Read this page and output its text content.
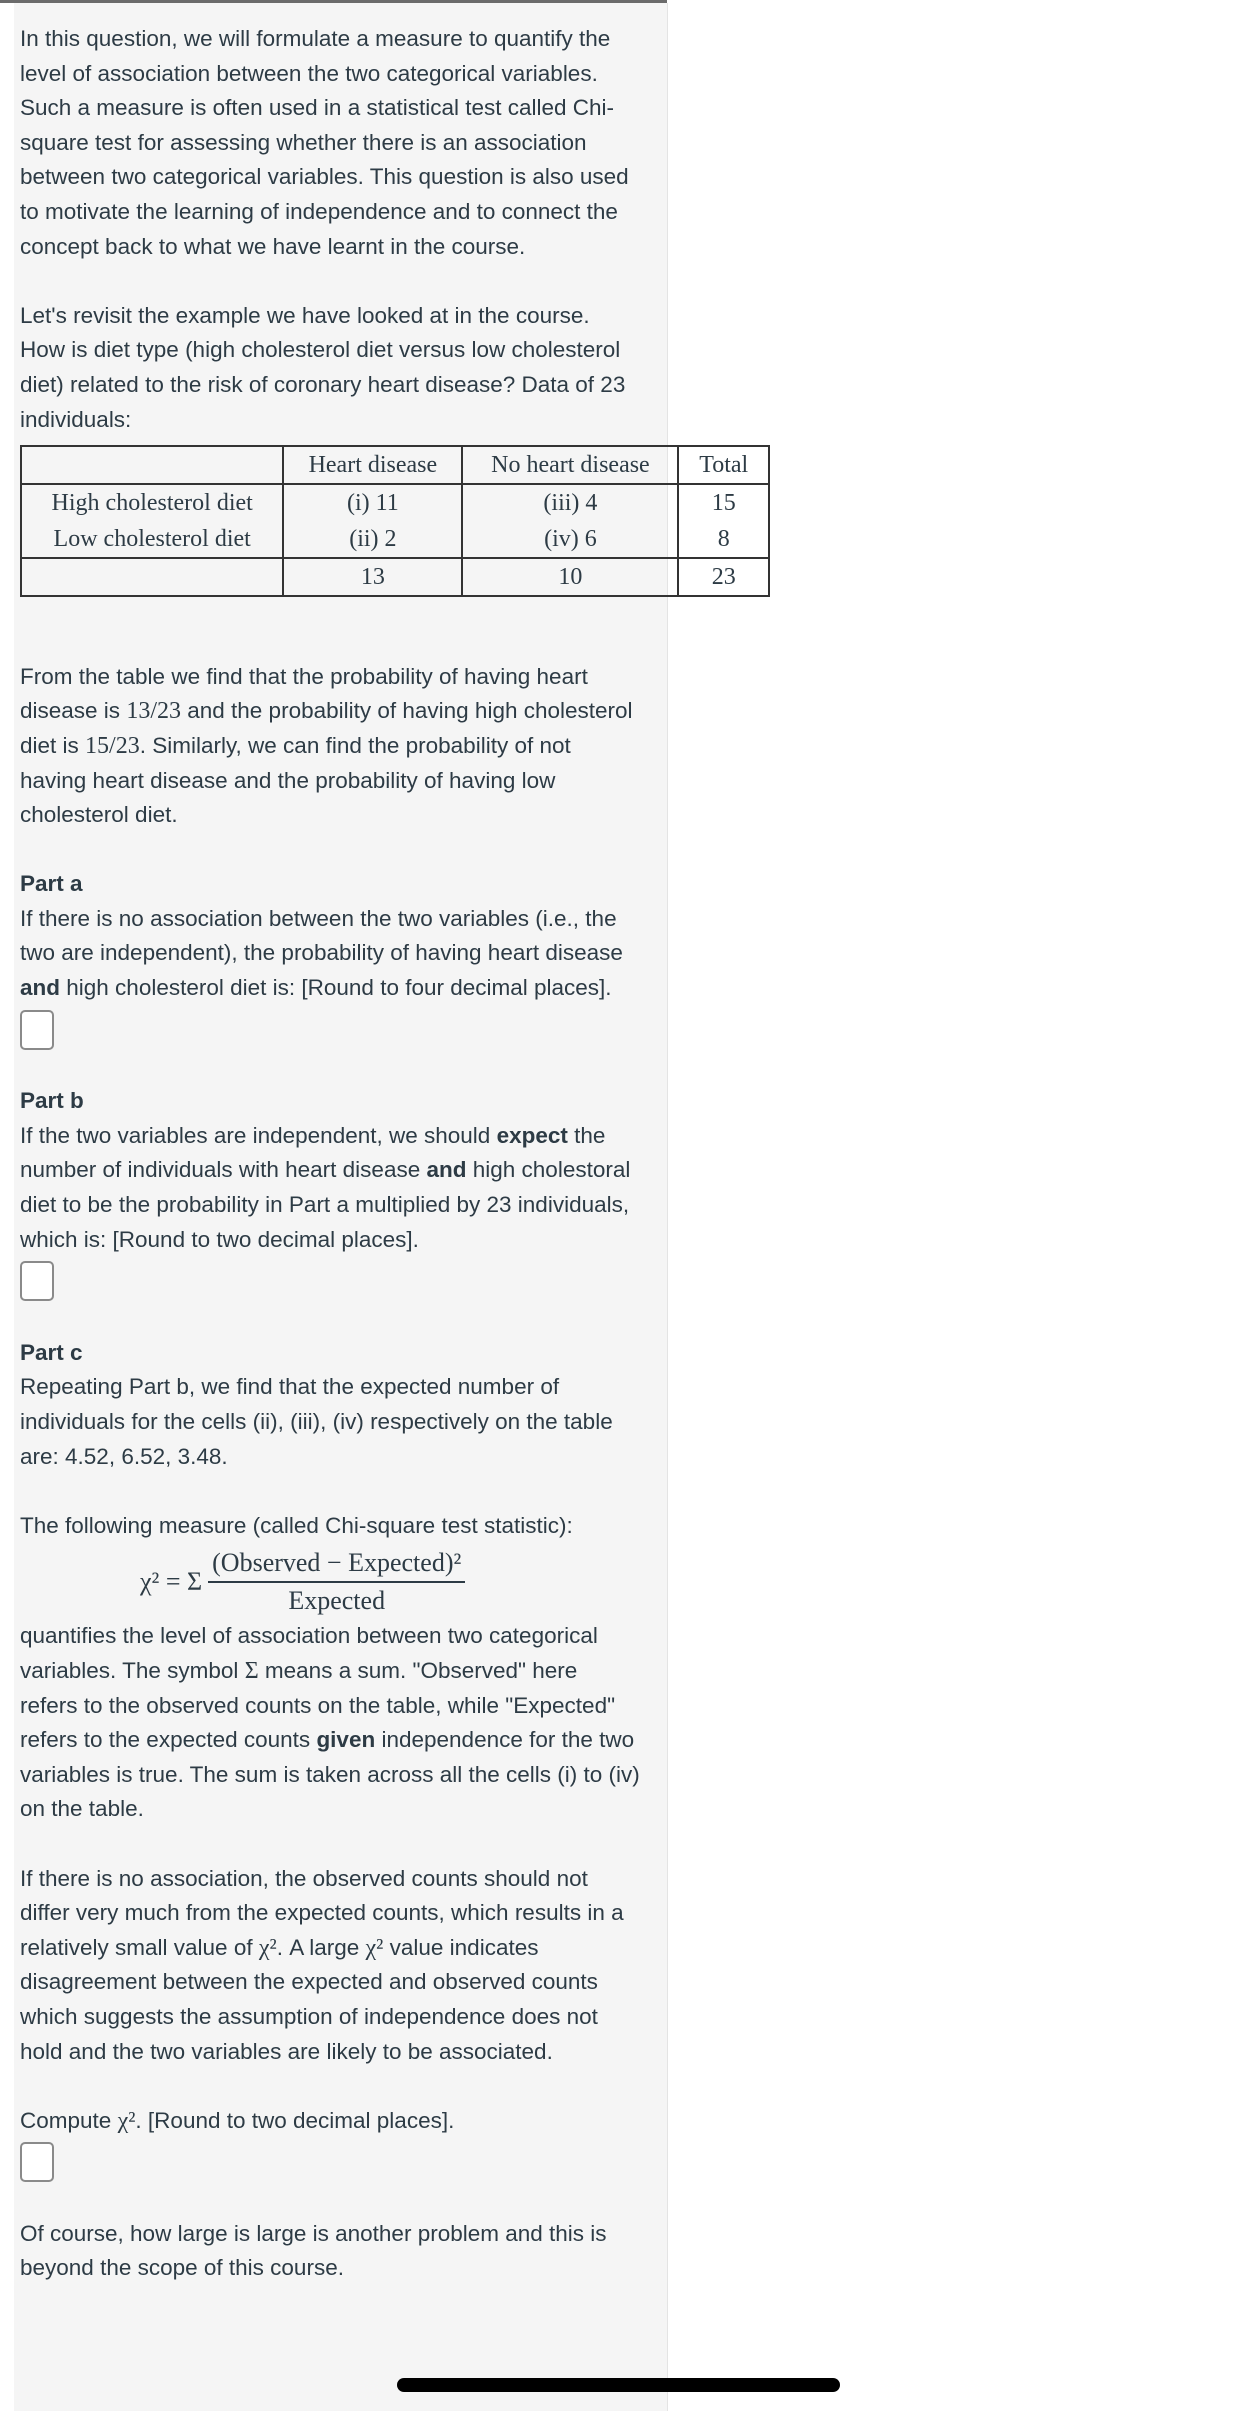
In this question, we will formulate a measure to quantify the level of association between the two categorical variables. Such a measure is often used in a statistical test called Chi-square test for assessing whether there is an association between two categorical variables. This question is also used to motivate the learning of independence and to connect the concept back to what we have learnt in the course.

Let's revisit the example we have looked at in the course. How is diet type (high cholesterol diet versus low cholesterol diet) related to the risk of coronary heart disease? Data of 23 individuals:

	Heart disease	No heart disease	Total
High cholesterol diet	(i) 11	(iii) 4	15
Low cholesterol diet	(ii) 2	(iv) 6	8
	13	10	23

From the table we find that the probability of having heart disease is 13/23 and the probability of having high cholesterol diet is 15/23. Similarly, we can find the probability of not having heart disease and the probability of having low cholesterol diet.

Part a

If there is no association between the two variables (i.e., the two are independent), the probability of having heart disease and high cholesterol diet is: [Round to four decimal places].

Part b

If the two variables are independent, we should expect the number of individuals with heart disease and high cholestoral diet to be the probability in Part a multiplied by 23 individuals, which is: [Round to two decimal places].

Part c

Repeating Part b, we find that the expected number of individuals for the cells (ii), (iii), (iv) respectively on the table are: 4.52, 6.52, 3.48.

The following measure (called Chi-square test statistic):

χ² = Σ $\frac{\text{(Observed − Expected)²}}{\text{Expected}}$

quantifies the level of association between two categorical variables. The symbol Σ means a sum. "Observed" here refers to the observed counts on the table, while "Expected" refers to the expected counts given independence for the two variables is true. The sum is taken across all the cells (i) to (iv) on the table.

If there is no association, the observed counts should not differ very much from the expected counts, which results in a relatively small value of χ². A large χ² value indicates disagreement between the expected and observed counts which suggests the assumption of independence does not hold and the two variables are likely to be associated.

Compute χ². [Round to two decimal places].

Of course, how large is large is another problem and this is beyond the scope of this course.
